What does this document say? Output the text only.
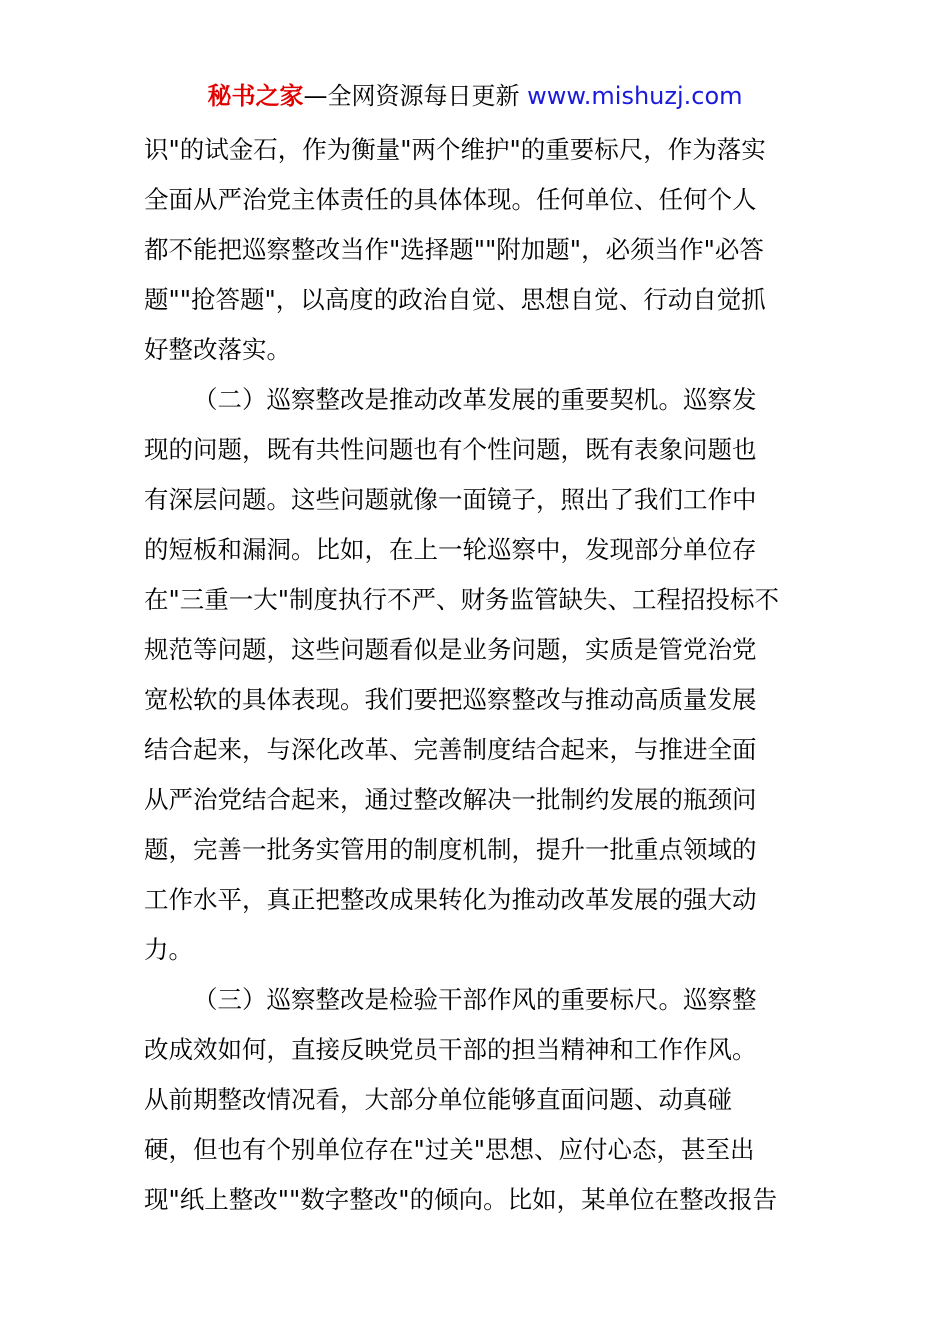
秘书之家—全网资源每日更新 www.mishuzj.com
识"的试金石，作为衡量"两个维护"的重要标尺，作为落实
全面从严治党主体责任的具体体现。任何单位、任何个人
都不能把巡察整改当作"选择题""附加题"，必须当作"必答
题""抢答题"，以高度的政治自觉、思想自觉、行动自觉抓
好整改落实。
（二）巡察整改是推动改革发展的重要契机。巡察发
现的问题，既有共性问题也有个性问题，既有表象问题也
有深层问题。这些问题就像一面镜子，照出了我们工作中
的短板和漏洞。比如，在上一轮巡察中，发现部分单位存
在"三重一大"制度执行不严、财务监管缺失、工程招投标不
规范等问题，这些问题看似是业务问题，实质是管党治党
宽松软的具体表现。我们要把巡察整改与推动高质量发展
结合起来，与深化改革、完善制度结合起来，与推进全面
从严治党结合起来，通过整改解决一批制约发展的瓶颈问
题，完善一批务实管用的制度机制，提升一批重点领域的
工作水平，真正把整改成果转化为推动改革发展的强大动
力。
（三）巡察整改是检验干部作风的重要标尺。巡察整
改成效如何，直接反映党员干部的担当精神和工作作风。
从前期整改情况看，大部分单位能够直面问题、动真碰
硬，但也有个别单位存在"过关"思想、应付心态，甚至出
现"纸上整改""数字整改"的倾向。比如，某单位在整改报告
